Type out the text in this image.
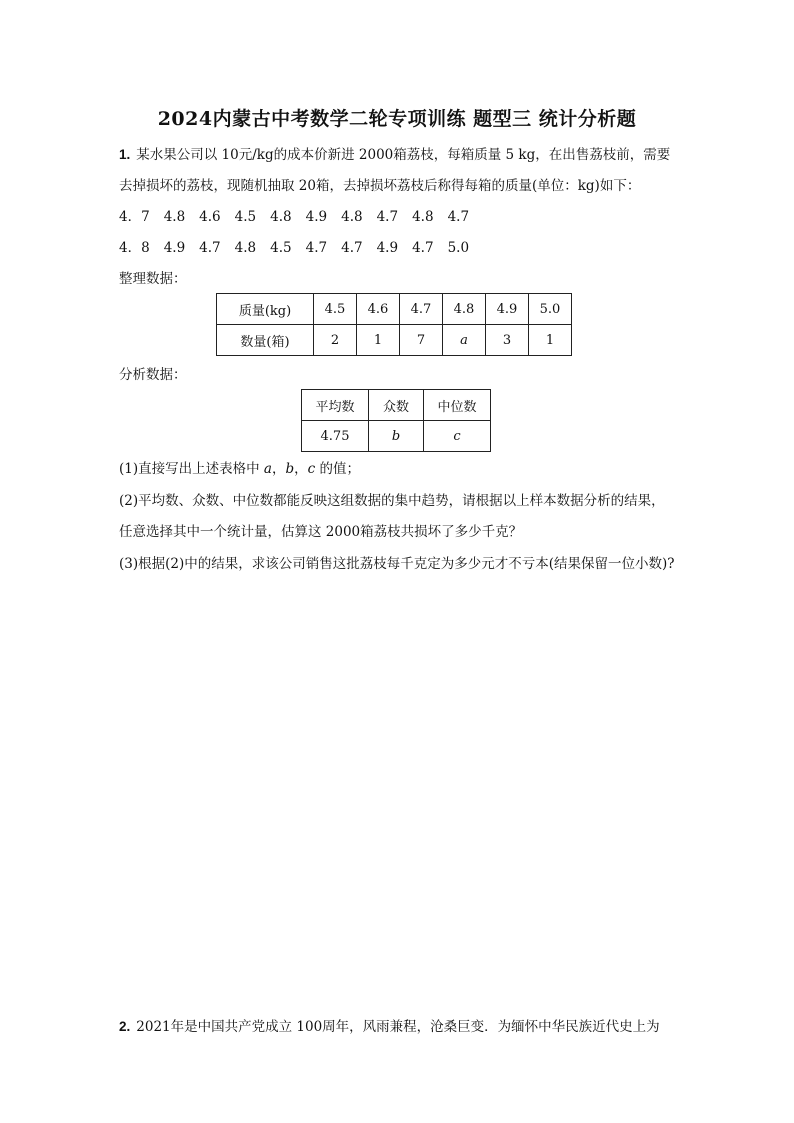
2024内蒙古中考数学二轮专项训练 题型三 统计分析题
1. 某水果公司以 10元/kg的成本价新进 2000箱荔枝，每箱质量 5 kg，在出售荔枝前，需要
去掉损坏的荔枝，现随机抽取 20箱，去掉损坏荔枝后称得每箱的质量(单位：kg)如下：
4．7 4.8 4.6 4.5 4.8 4.9 4.8 4.7 4.8 4.7
4．8 4.9 4.7 4.8 4.5 4.7 4.7 4.9 4.7 5.0
整理数据：
质量(kg)	4.5	4.6	4.7	4.8	4.9	5.0
数量(箱)	2	1	7	a	3	1
分析数据：
平均数	众数	中位数
4.75	b	c
(1)直接写出上述表格中 a，b，c 的值；
(2)平均数、众数、中位数都能反映这组数据的集中趋势，请根据以上样本数据分析的结果，
任意选择其中一个统计量，估算这 2000箱荔枝共损坏了多少千克？
(3)根据(2)中的结果，求该公司销售这批荔枝每千克定为多少元才不亏本(结果保留一位小数)?
2. 2021年是中国共产党成立 100周年，风雨兼程，沧桑巨变．为缅怀中华民族近代史上为
